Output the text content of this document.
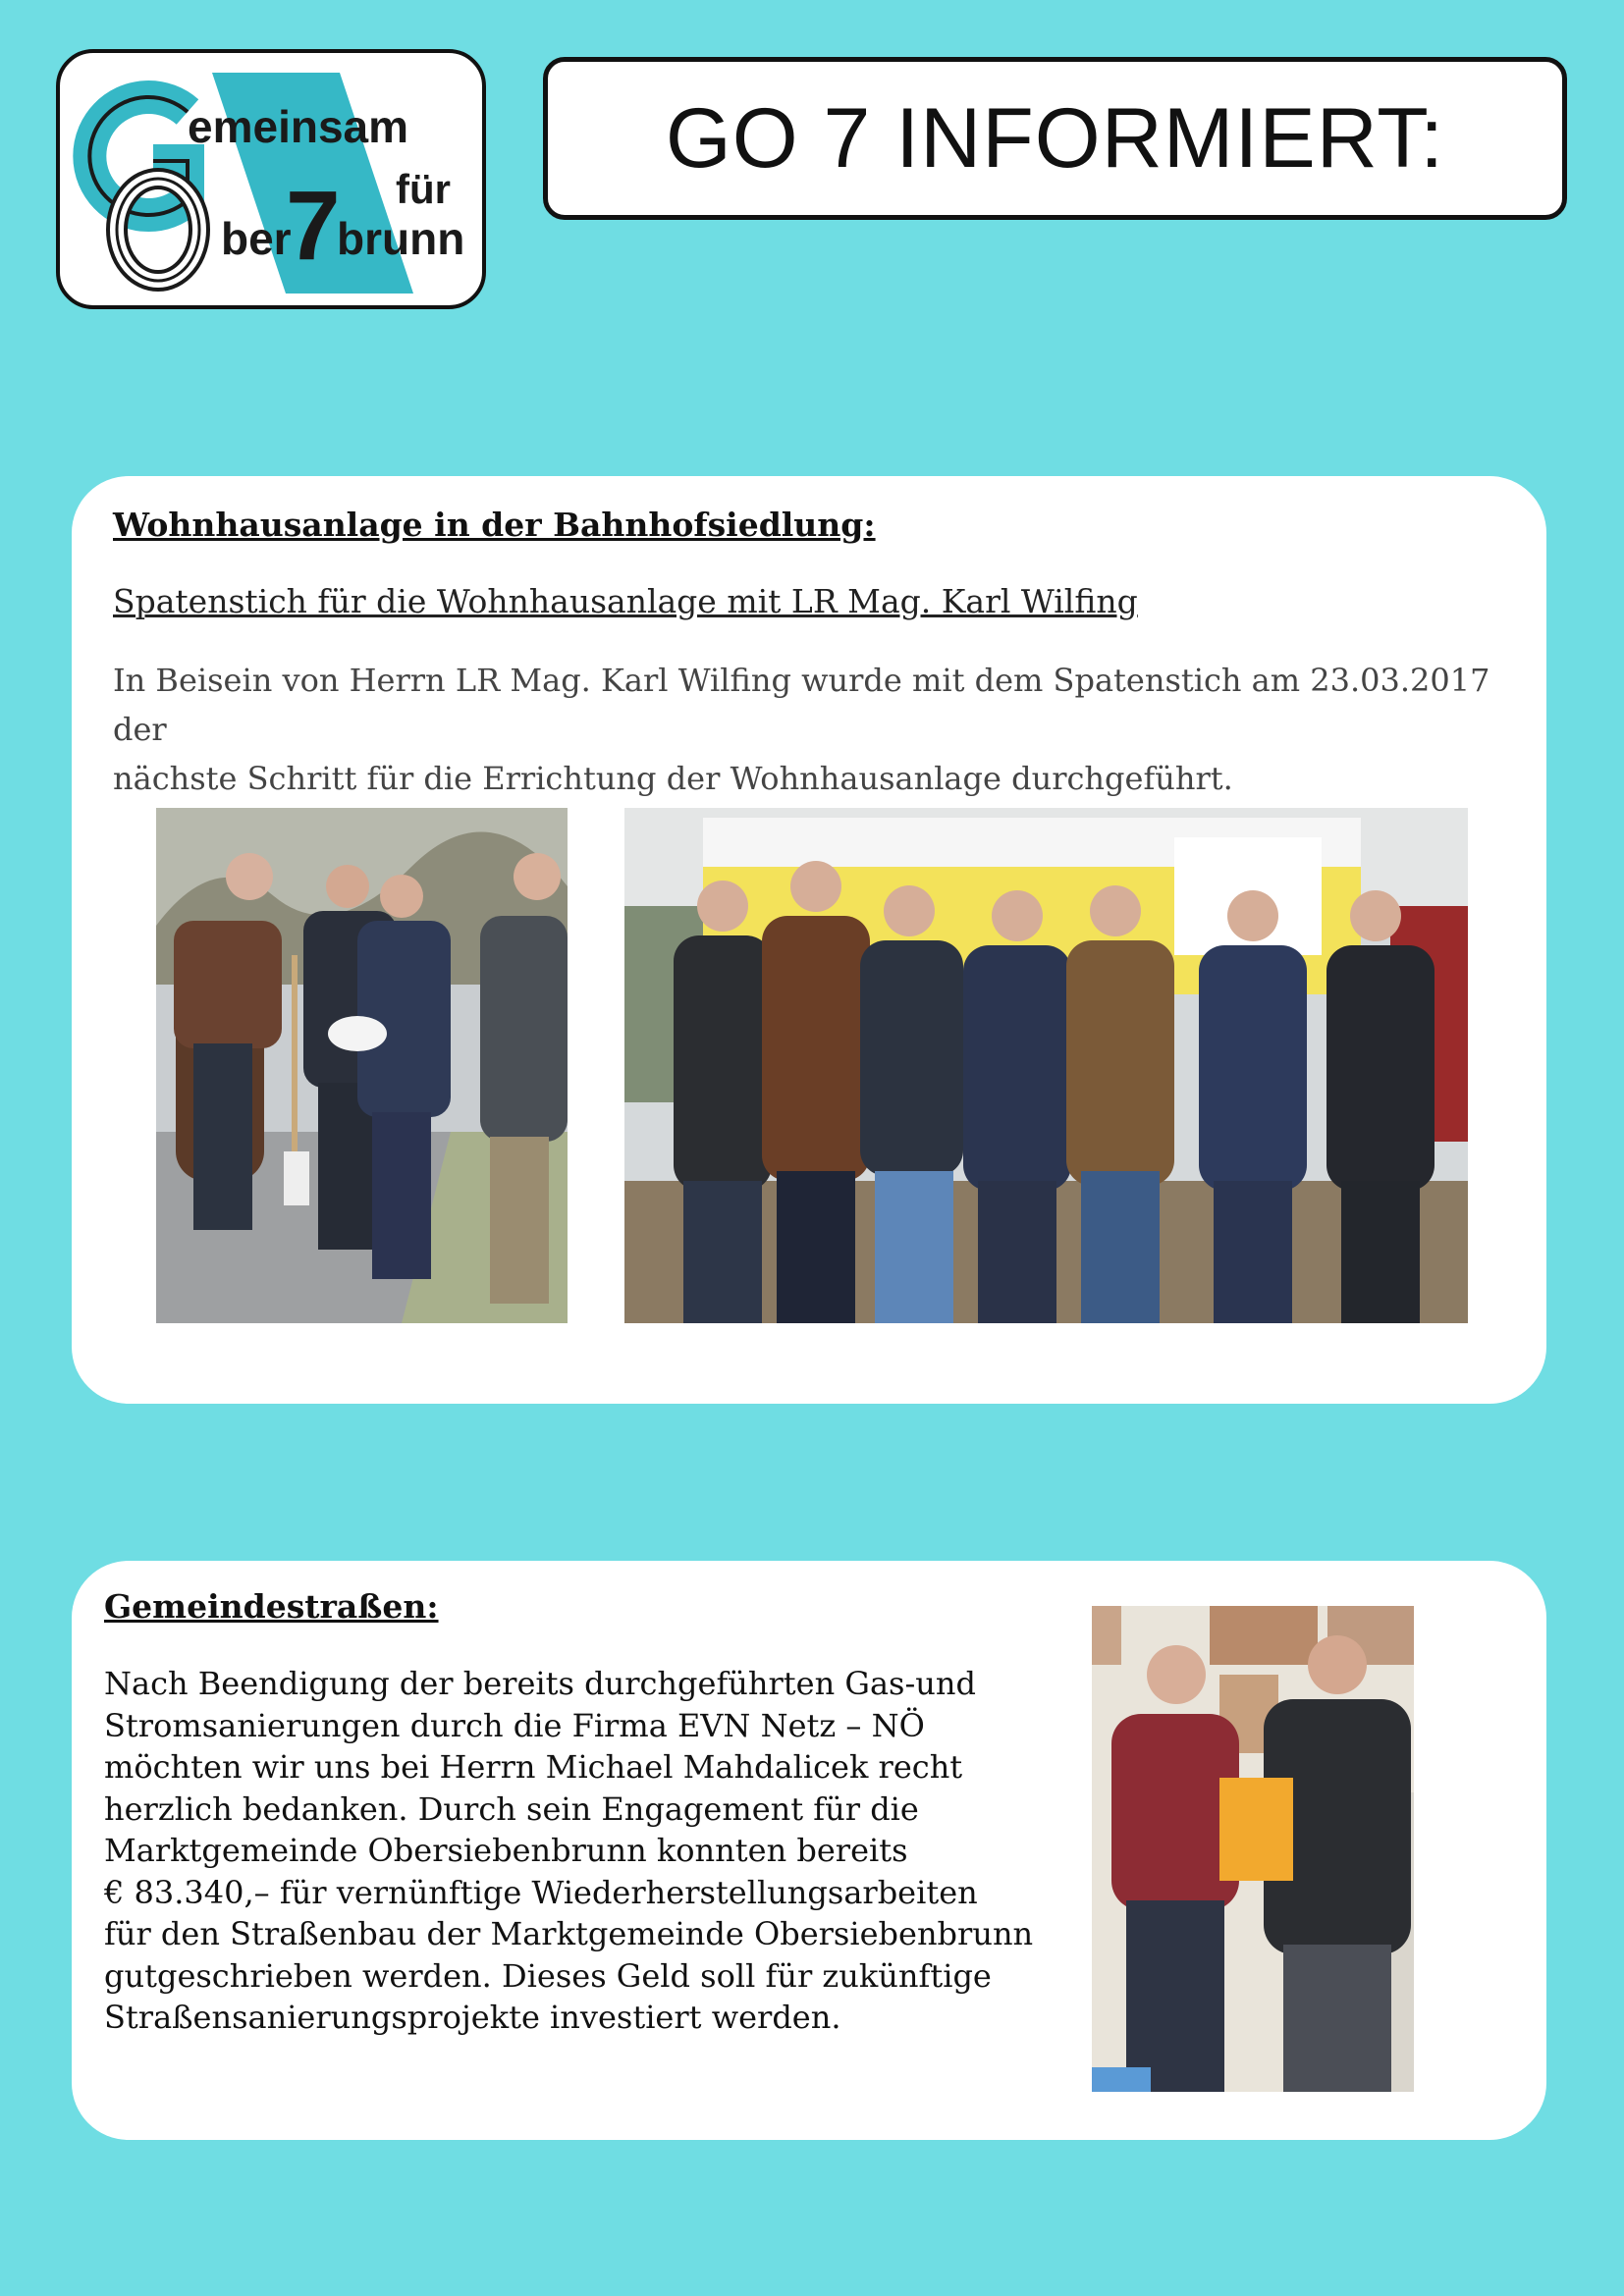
emeinsam
für
ber
7
brunn
GO 7 INFORMIERT:
Wohnhausanlage in der Bahnhofsiedlung:
Spatenstich für die Wohnhausanlage mit LR Mag. Karl Wilfing
In Beisein von Herrn LR Mag. Karl Wilfing wurde mit dem Spatenstich am 23.03.2017 der
nächste Schritt für die Errichtung der Wohnhausanlage durchgeführt.
Gemeindestraßen:
Nach Beendigung der bereits durchgeführten Gas-und
Stromsanierungen durch die Firma EVN Netz – NÖ
möchten wir uns bei Herrn Michael Mahdalicek recht
herzlich bedanken. Durch sein Engagement für die
Marktgemeinde Obersiebenbrunn konnten bereits
€ 83.340,– für vernünftige Wiederherstellungsarbeiten
für den Straßenbau der Marktgemeinde Obersiebenbrunn
gutgeschrieben werden. Dieses Geld soll für zukünftige
Straßensanierungsprojekte investiert werden.
